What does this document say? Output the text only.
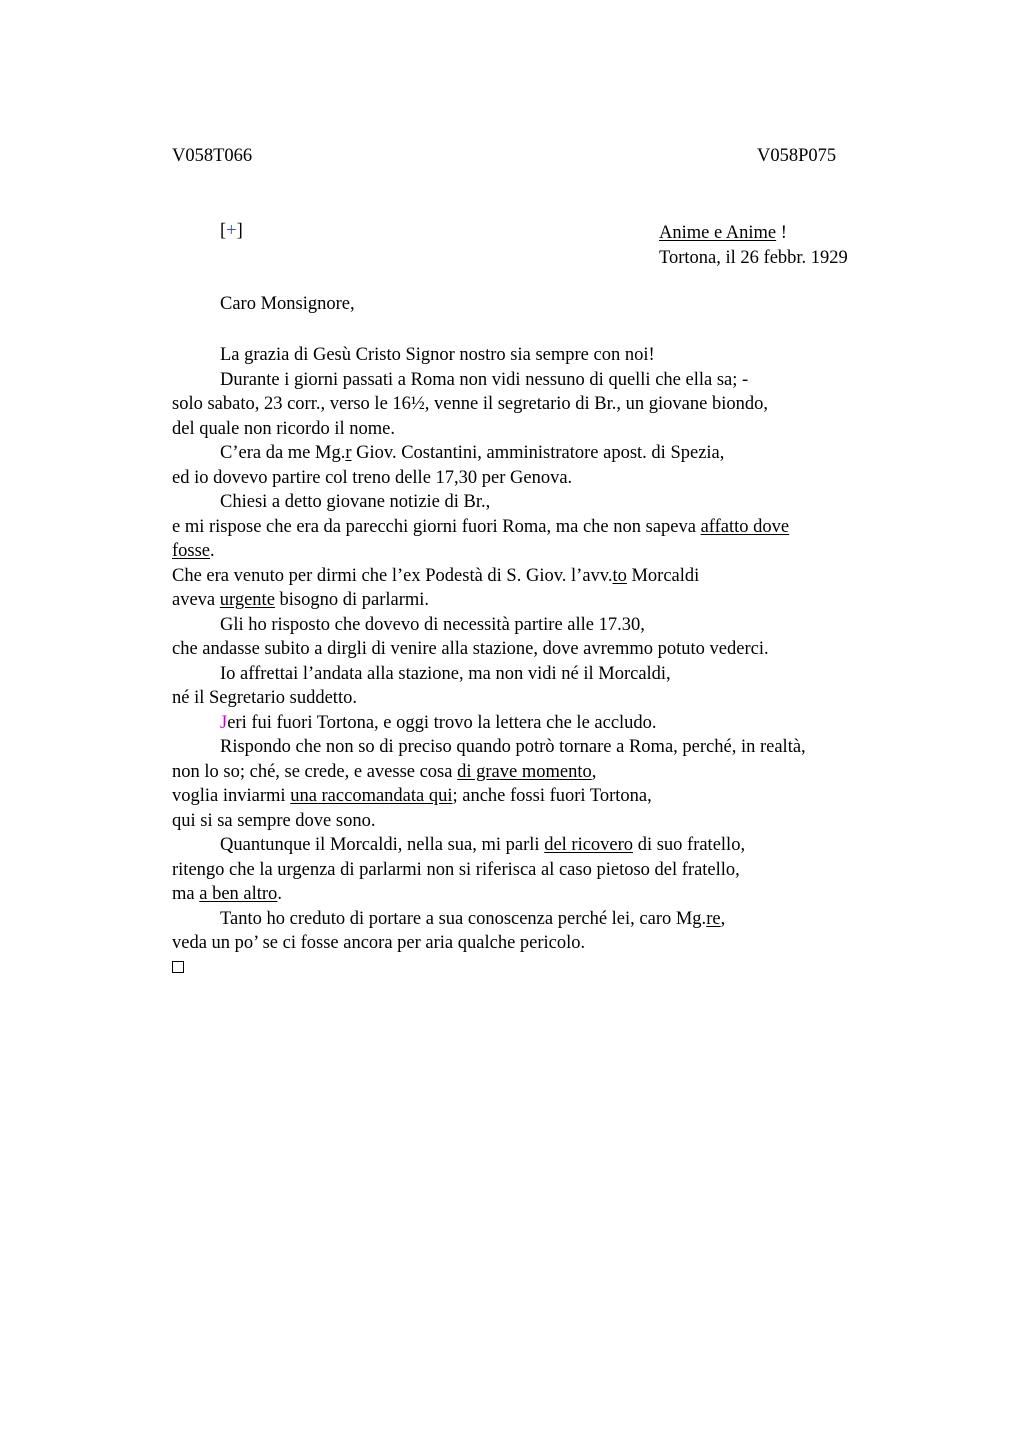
V058T066	V058P075
[+]	Anime e Anime !
Tortona, il 26 febbr. 1929
Caro Monsignore,
La grazia di Gesù Cristo Signor nostro sia sempre con noi!
Durante i giorni passati a Roma non vidi nessuno di quelli che ella sa; -
solo sabato, 23 corr., verso le 16½, venne il segretario di Br., un giovane biondo,
del quale non ricordo il nome.
C’era da me Mg.r Giov. Costantini, amministratore apost. di Spezia,
ed io dovevo partire col treno delle 17,30 per Genova.
Chiesi a detto giovane notizie di Br.,
e mi rispose che era da parecchi giorni fuori Roma, ma che non sapeva affatto dove
fosse.
Che era venuto per dirmi che l’ex Podestà di S. Giov. l’avv.to Morcaldi
aveva urgente bisogno di parlarmi.
Gli ho risposto che dovevo di necessità partire alle 17.30,
che andasse subito a dirgli di venire alla stazione, dove avremmo potuto vederci.
Io affrettai l’andata alla stazione, ma non vidi né il Morcaldi,
né il Segretario suddetto.
Jeri fui fuori Tortona, e oggi trovo la lettera che le accludo.
Rispondo che non so di preciso quando potrò tornare a Roma, perché, in realtà,
non lo so; ché, se crede, e avesse cosa di grave momento,
voglia inviarmi una raccomandata qui; anche fossi fuori Tortona,
qui si sa sempre dove sono.
Quantunque il Morcaldi, nella sua, mi parli del ricovero di suo fratello,
ritengo che la urgenza di parlarmi non si riferisca al caso pietoso del fratello,
ma a ben altro.
Tanto ho creduto di portare a sua conoscenza perché lei, caro Mg.re,
veda un po’ se ci fosse ancora per aria qualche pericolo.
